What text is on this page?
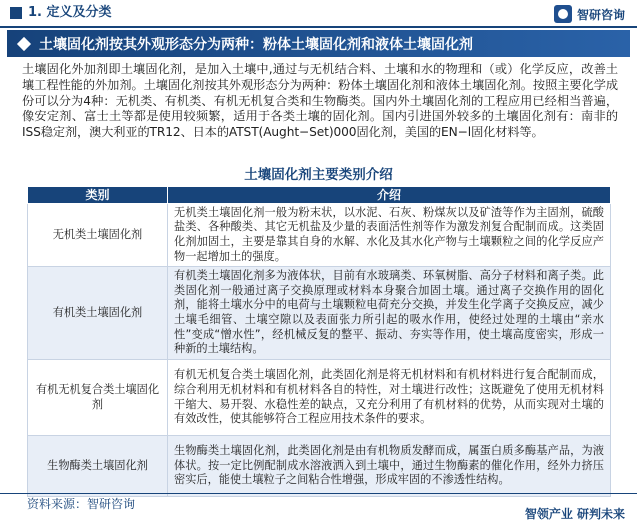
1. 定义及分类	智研咨询
土壤固化剂按其外观形态分为两种：粉体土壤固化剂和液体土壤固化剂

土壤固化外加剂即土壤固化剂，是加入土壤中,通过与无机结合料、土壤和水的物理和（或）化学反应，改善土壤工程性能的外加剂。土壤固化剂按其外观形态分为两种：粉体土壤固化剂和液体土壤固化剂。按照主要化学成份可以分为4种：无机类、有机类、有机无机复合类和生物酶类。国内外土壤固化剂的工程应用已经相当普遍，像安定剂、富士土等都是使用较频繁，适用于各类土壤的固化剂。国内引进国外较多的土壤固化剂有：南非的ISS稳定剂，澳大利亚的TR12、日本的ATST(Aught−Set)000固化剂，美国的EN−l固化材料等。

土壤固化剂主要类别介绍
类别	介绍
无机类土壤固化剂	无机类土壤固化剂一般为粉末状，以水泥、石灰、粉煤灰以及矿渣等作为主固剂，硫酸盐类、各种酸类、其它无机盐及少量的表面活性剂等作为激发剂复合配制而成。这类固化剂加固土，主要是靠其自身的水解、水化及其水化产物与土壤颗粒之间的化学反应产物一起增加土的强度。
有机类土壤固化剂	有机类土壤固化剂多为液体状，目前有水玻璃类、环氧树脂、高分子材料和离子类。此类固化剂一般通过离子交换原理或材料本身聚合加固土壤。通过离子交换作用的固化剂，能将土壤水分中的电荷与土壤颗粒电荷充分交换，并发生化学离子交换反应，减少土壤毛细管、土壤空隙以及表面张力所引起的吸水作用，使经过处理的土壤由“亲水性”变成“憎水性”，经机械反复的整平、振动、夯实等作用，使土壤高度密实，形成一种新的土壤结构。
有机无机复合类土壤固化剂	有机无机复合类土壤固化剂，此类固化剂是将无机材料和有机材料进行复合配制而成，综合利用无机材料和有机材料各自的特性，对土壤进行改性；这既避免了使用无机材料干缩大、易开裂、水稳性差的缺点，又充分利用了有机材料的优势，从而实现对土壤的有效改性，使其能够符合工程应用技术条件的要求。
生物酶类土壤固化剂	生物酶类土壤固化剂，此类固化剂是由有机物质发酵而成，属蛋白质多酶基产品，为液体状。按一定比例配制成水溶液洒入到土壤中，通过生物酶素的催化作用，经外力挤压密实后，能使土壤粒子之间粘合性增强，形成牢固的不渗透性结构。
资料来源：智研咨询
智领产业 研判未来
